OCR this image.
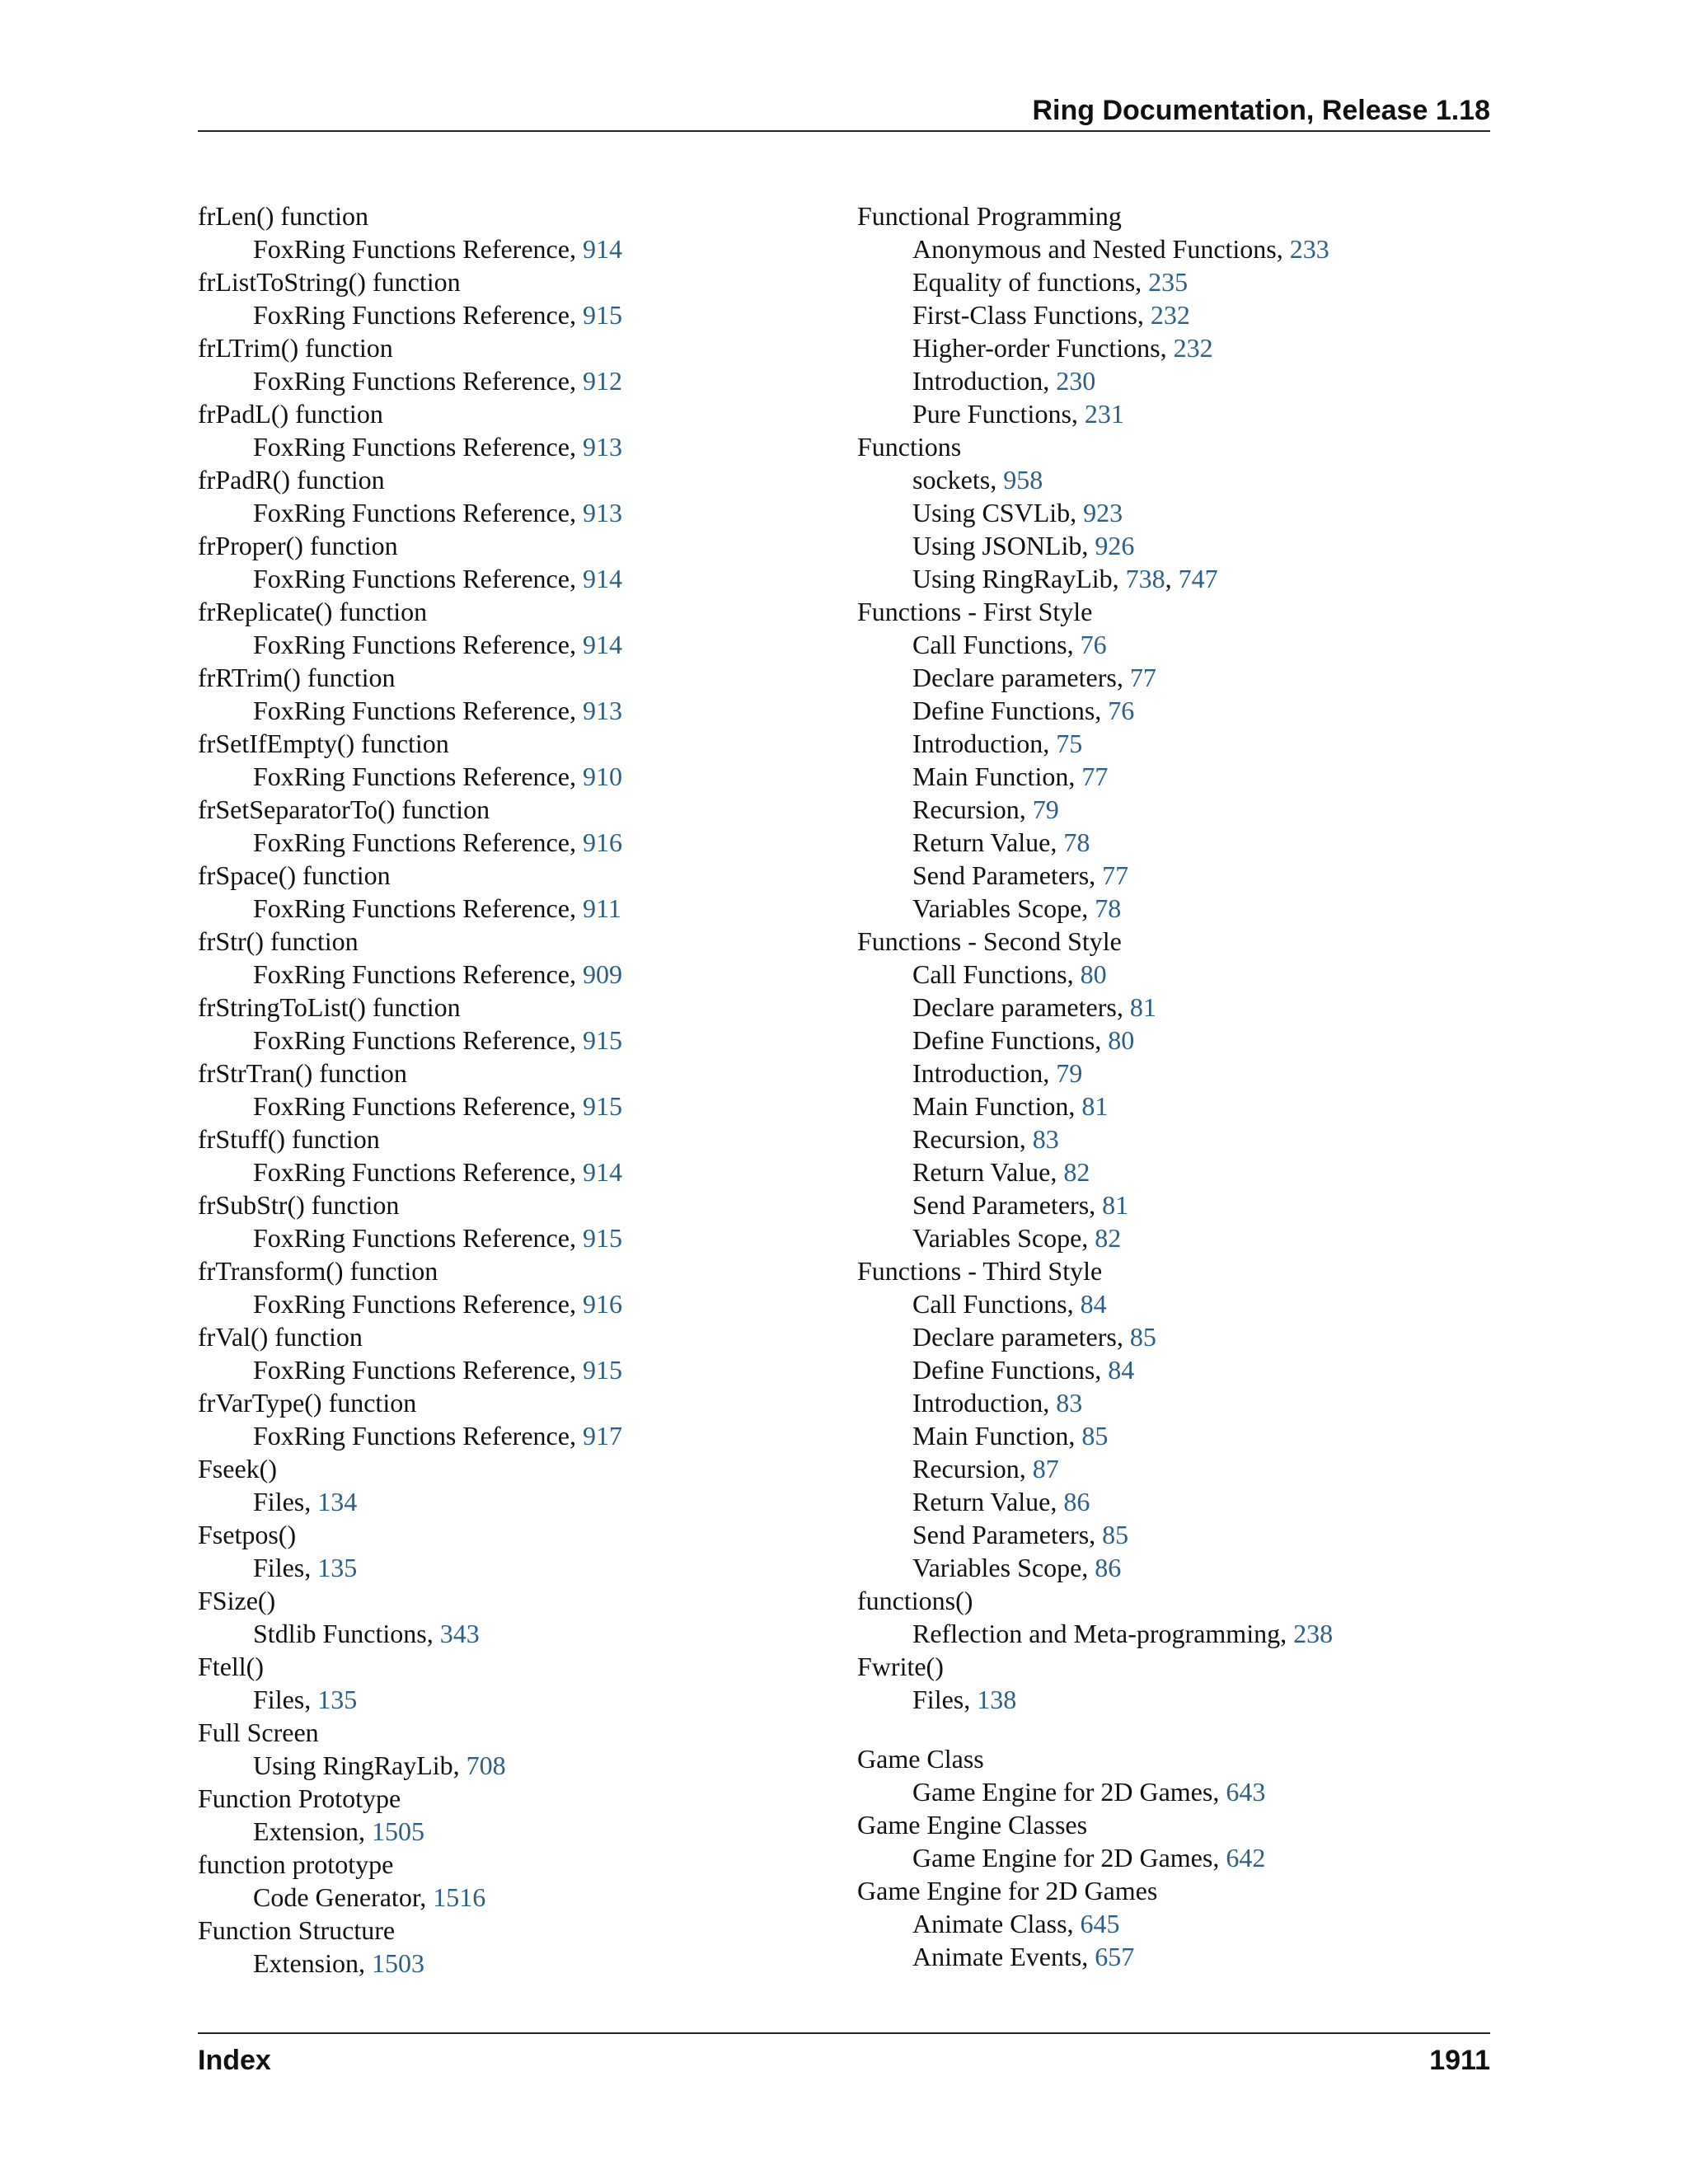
Ring Documentation, Release 1.18
frLen() function
FoxRing Functions Reference, 914
frListToString() function
FoxRing Functions Reference, 915
frLTrim() function
FoxRing Functions Reference, 912
frPadL() function
FoxRing Functions Reference, 913
frPadR() function
FoxRing Functions Reference, 913
frProper() function
FoxRing Functions Reference, 914
frReplicate() function
FoxRing Functions Reference, 914
frRTrim() function
FoxRing Functions Reference, 913
frSetIfEmpty() function
FoxRing Functions Reference, 910
frSetSeparatorTo() function
FoxRing Functions Reference, 916
frSpace() function
FoxRing Functions Reference, 911
frStr() function
FoxRing Functions Reference, 909
frStringToList() function
FoxRing Functions Reference, 915
frStrTran() function
FoxRing Functions Reference, 915
frStuff() function
FoxRing Functions Reference, 914
frSubStr() function
FoxRing Functions Reference, 915
frTransform() function
FoxRing Functions Reference, 916
frVal() function
FoxRing Functions Reference, 915
frVarType() function
FoxRing Functions Reference, 917
Fseek()
Files, 134
Fsetpos()
Files, 135
FSize()
Stdlib Functions, 343
Ftell()
Files, 135
Full Screen
Using RingRayLib, 708
Function Prototype
Extension, 1505
function prototype
Code Generator, 1516
Function Structure
Extension, 1503
Functional Programming
Anonymous and Nested Functions, 233
Equality of functions, 235
First-Class Functions, 232
Higher-order Functions, 232
Introduction, 230
Pure Functions, 231
Functions
sockets, 958
Using CSVLib, 923
Using JSONLib, 926
Using RingRayLib, 738, 747
Functions - First Style
Call Functions, 76
Declare parameters, 77
Define Functions, 76
Introduction, 75
Main Function, 77
Recursion, 79
Return Value, 78
Send Parameters, 77
Variables Scope, 78
Functions - Second Style
Call Functions, 80
Declare parameters, 81
Define Functions, 80
Introduction, 79
Main Function, 81
Recursion, 83
Return Value, 82
Send Parameters, 81
Variables Scope, 82
Functions - Third Style
Call Functions, 84
Declare parameters, 85
Define Functions, 84
Introduction, 83
Main Function, 85
Recursion, 87
Return Value, 86
Send Parameters, 85
Variables Scope, 86
functions()
Reflection and Meta-programming, 238
Fwrite()
Files, 138
Game Class
Game Engine for 2D Games, 643
Game Engine Classes
Game Engine for 2D Games, 642
Game Engine for 2D Games
Animate Class, 645
Animate Events, 657
Index	1911
